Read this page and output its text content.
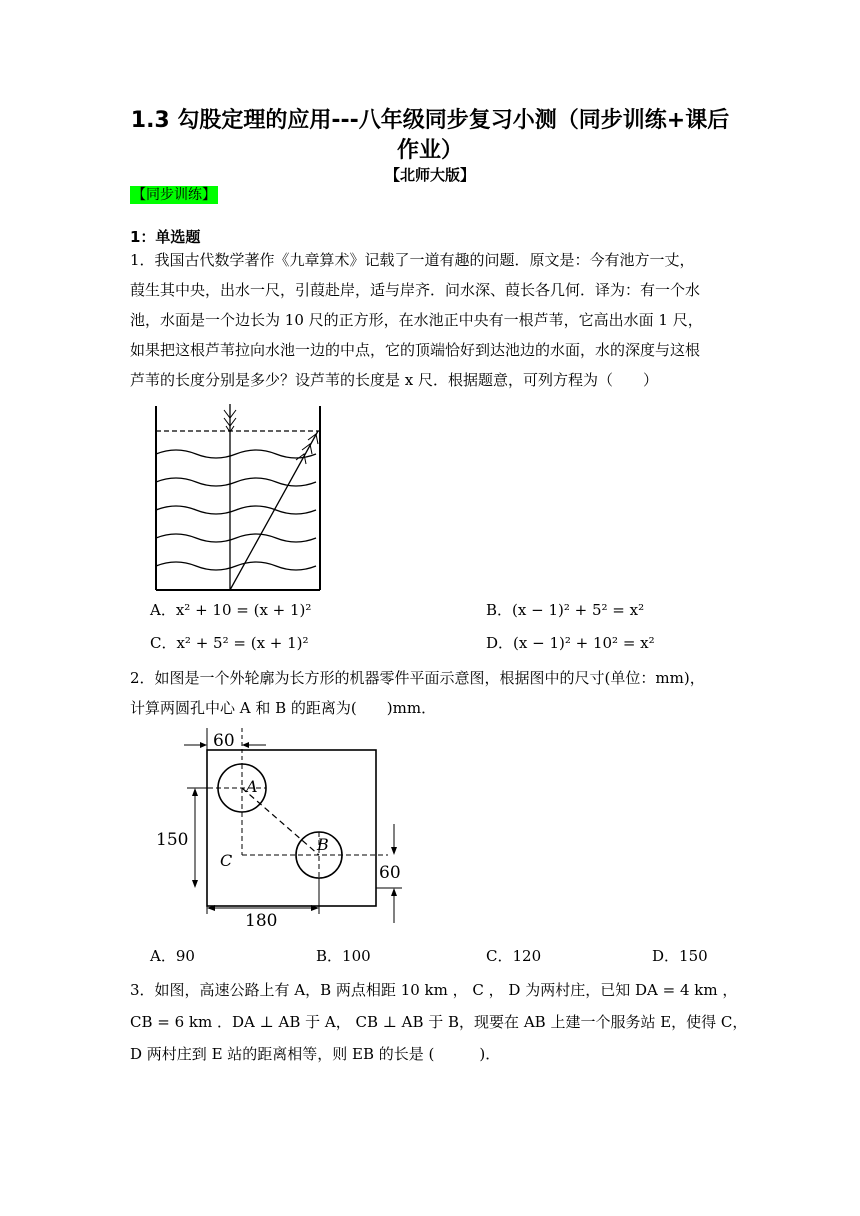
1.3 勾股定理的应用---八年级同步复习小测（同步训练+课后
作业）
【北师大版】
【同步训练】
1：单选题
1．我国古代数学著作《九章算术》记载了一道有趣的问题．原文是：今有池方一丈，
葭生其中央，出水一尺，引葭赴岸，适与岸齐．问水深、葭长各几何．译为：有一个水
池，水面是一个边长为 10 尺的正方形，在水池正中央有一根芦苇，它高出水面 1 尺，
如果把这根芦苇拉向水池一边的中点，它的顶端恰好到达池边的水面，水的深度与这根
芦苇的长度分别是多少？设芦苇的长度是 x 尺．根据题意，可列方程为（　　）
A．x² + 10 = (x + 1)²	B．(x − 1)² + 5² = x²
C．x² + 5² = (x + 1)²	D．(x − 1)² + 10² = x²
2．如图是一个外轮廓为长方形的机器零件平面示意图，根据图中的尺寸(单位：mm)，
计算两圆孔中心 A 和 B 的距离为(　　)mm．
60
A
B
C
150
180
60
A．90	B．100	C．120	D．150
3．如图，高速公路上有 A，B 两点相距 10 km ， C ， D 为两村庄，已知 DA = 4 km ，
CB = 6 km ．DA ⊥ AB 于 A， CB ⊥ AB 于 B，现要在 AB 上建一个服务站 E，使得 C，
D 两村庄到 E 站的距离相等，则 EB 的长是 (　　　)．
